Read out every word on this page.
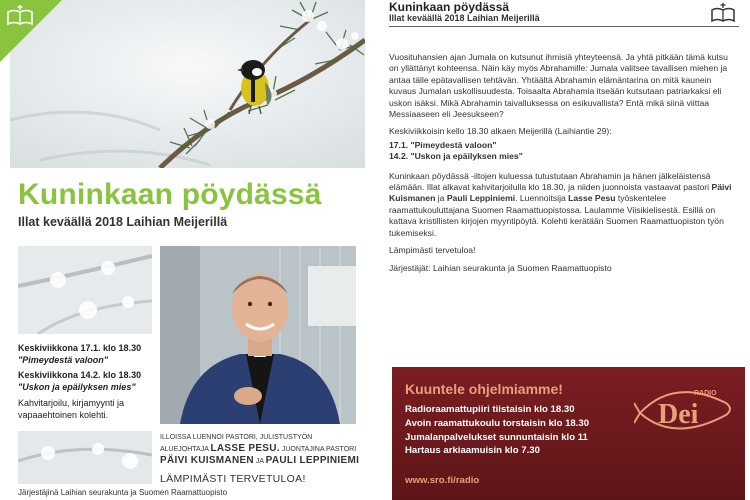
Kuninkaan pöydässä
Illat keväällä 2018 Laihian Meijerillä
Keskiviikkona 17.1. klo 18.30
"Pimeydestä valoon"
Keskiviikkona 14.2. klo 18.30
"Uskon ja epäilyksen mies"
Kahvitarjoilu, kirjamyynti ja vapaaehtoinen kolehti.
ILLOISSA LUENNOI PASTORI, JULISTUSTYÖN
ALUEJOHTAJA LASSE PESU. JUONTAJINA PASTORI
PÄIVI KUISMANEN JA PAULI LEPPINIEMI
LÄMPIMÄSTI TERVETULOA!
Järjestäjinä Laihian seurakunta ja Suomen Raamattuopisto
Kuninkaan pöydässä
Illat keväällä 2018 Laihian Meijerillä

Vuosituhansien ajan Jumala on kutsunut ihmisiä yhteyteensä. Ja yhtä pitkään tämä kutsu on yllättänyt kohteensa. Näin käy myös Abrahamille: Jumala valitsee tavallisen miehen ja antaa tälle epätavallisen tehtävän. Yhtäältä Abrahamin elämäntarina on mitä kaunein kuvaus Jumalan uskollisuudesta. Toisaalta Abrahamia itseään kutsutaan patriarkaksi eli uskon isäksi. Mikä Abrahamin taivalluksessa on esikuvallista? Entä mikä siinä viittaa Messiaaseen eli Jeesukseen?

Keskiviikkoisin kello 18.30 alkaen Meijerillä (Laihiantie 29):

17.1. "Pimeydestä valoon"
14.2. "Uskon ja epäilyksen mies"

Kuninkaan pöydässä -iltojen kuluessa tutustutaan Abrahamin ja hänen jälkeläistensä elämään. Illat alkavat kahvitarjoilulla klo 18.30, ja niiden juonnoista vastaavat pastori Päivi Kuismanen ja Pauli Leppiniemi. Luennoitsija Lasse Pesu työskentelee raamattukouluttajana Suomen Raamattuopistossa. Laulamme Viisikielisestä. Esillä on kattava kristillisten kirjojen myyntipöytä. Kolehti kerätään Suomen Raamattuopiston työn tukemiseksi.

Lämpimästi tervetuloa!

Järjestäjät: Laihian seurakunta ja Suomen Raamattuopisto

Kuuntele ohjelmiamme!
Radioraamattupiiri tiistaisin klo 18.30
Avoin raamattukoulu torstaisin klo 18.30
Jumalanpalvelukset sunnuntaisin klo 11
Hartaus arkiaamuisin klo 7.30
www.sro.fi/radio
RADIO
Dei
